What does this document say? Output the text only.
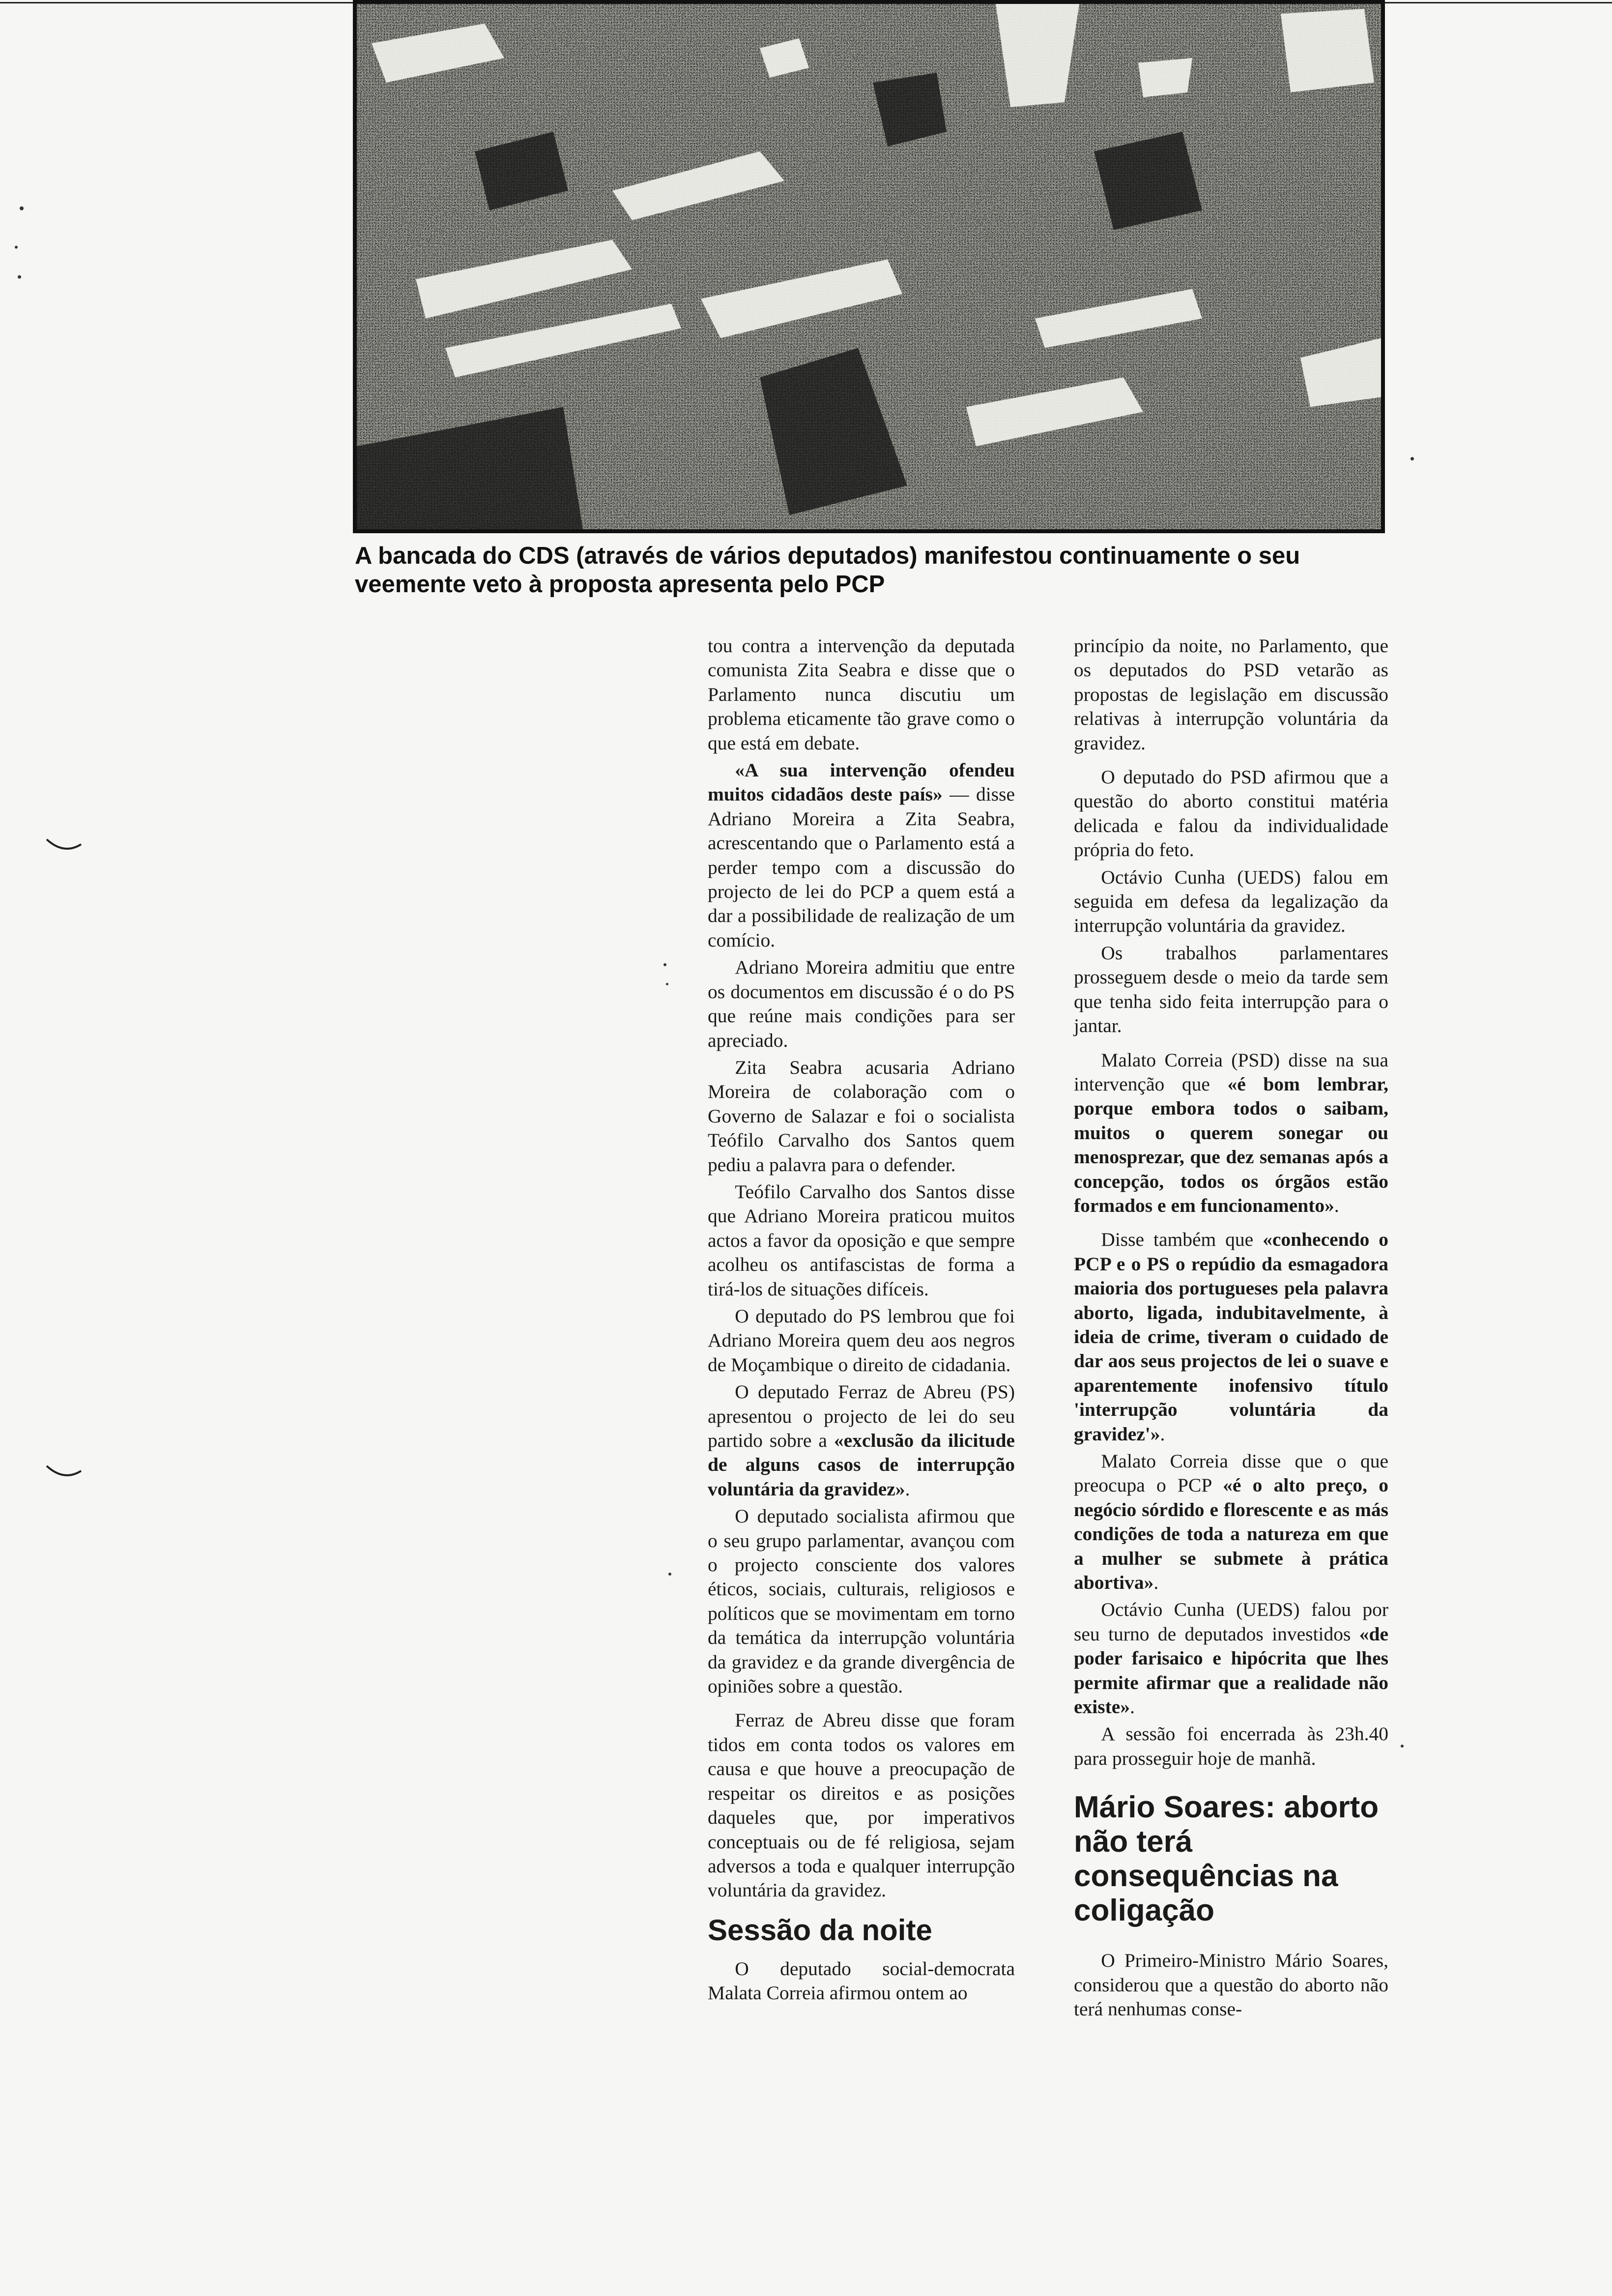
A bancada do CDS (através de vários deputados) manifestou continuamente o seu veemente veto à proposta apresenta pelo PCP

tou contra a intervenção da deputada comunista Zita Seabra e disse que o Parlamento nunca discutiu um problema eticamente tão grave como o que está em debate.

«A sua intervenção ofendeu muitos cidadãos deste país» — disse Adriano Moreira a Zita Seabra, acrescentando que o Parlamento está a perder tempo com a discussão do projecto de lei do PCP a quem está a dar a possibilidade de realização de um comício.

Adriano Moreira admitiu que entre os documentos em discussão é o do PS que reúne mais condições para ser apreciado.

Zita Seabra acusaria Adriano Moreira de colaboração com o Governo de Salazar e foi o socialista Teófilo Carvalho dos Santos quem pediu a palavra para o defender.

Teófilo Carvalho dos Santos disse que Adriano Moreira praticou muitos actos a favor da oposição e que sempre acolheu os antifascistas de forma a tirá-los de situações difíceis.

O deputado do PS lembrou que foi Adriano Moreira quem deu aos negros de Moçambique o direito de cidadania.

O deputado Ferraz de Abreu (PS) apresentou o projecto de lei do seu partido sobre a «exclusão da ilicitude de alguns casos de interrupção voluntária da gravidez».

O deputado socialista afirmou que o seu grupo parlamentar, avançou com o projecto consciente dos valores éticos, sociais, culturais, religiosos e políticos que se movimentam em torno da temática da interrupção voluntária da gravidez e da grande divergência de opiniões sobre a questão.

Ferraz de Abreu disse que foram tidos em conta todos os valores em causa e que houve a preocupação de respeitar os direitos e as posições daqueles que, por imperativos conceptuais ou de fé religiosa, sejam adversos a toda e qualquer interrupção voluntária da gravidez.

Sessão da noite

O deputado social-democrata Malata Correia afirmou ontem ao

princípio da noite, no Parlamento, que os deputados do PSD vetarão as propostas de legislação em discussão relativas à interrupção voluntária da gravidez.

O deputado do PSD afirmou que a questão do aborto constitui matéria delicada e falou da individualidade própria do feto.

Octávio Cunha (UEDS) falou em seguida em defesa da legalização da interrupção voluntária da gravidez.

Os trabalhos parlamentares prosseguem desde o meio da tarde sem que tenha sido feita interrupção para o jantar.

Malato Correia (PSD) disse na sua intervenção que «é bom lembrar, porque embora todos o saibam, muitos o querem sonegar ou menosprezar, que dez semanas após a concepção, todos os órgãos estão formados e em funcionamento».

Disse também que «conhecendo o PCP e o PS o repúdio da esmagadora maioria dos portugueses pela palavra aborto, ligada, indubitavelmente, à ideia de crime, tiveram o cuidado de dar aos seus projectos de lei o suave e aparentemente inofensivo título 'interrupção voluntária da gravidez'».

Malato Correia disse que o que preocupa o PCP «é o alto preço, o negócio sórdido e florescente e as más condições de toda a natureza em que a mulher se submete à prática abortiva».

Octávio Cunha (UEDS) falou por seu turno de deputados investidos «de poder farisaico e hipócrita que lhes permite afirmar que a realidade não existe».

A sessão foi encerrada às 23h.40 para prosseguir hoje de manhã.

Mário Soares: aborto não terá consequências na coligação

O Primeiro-Ministro Mário Soares, considerou que a questão do aborto não terá nenhumas conse-
